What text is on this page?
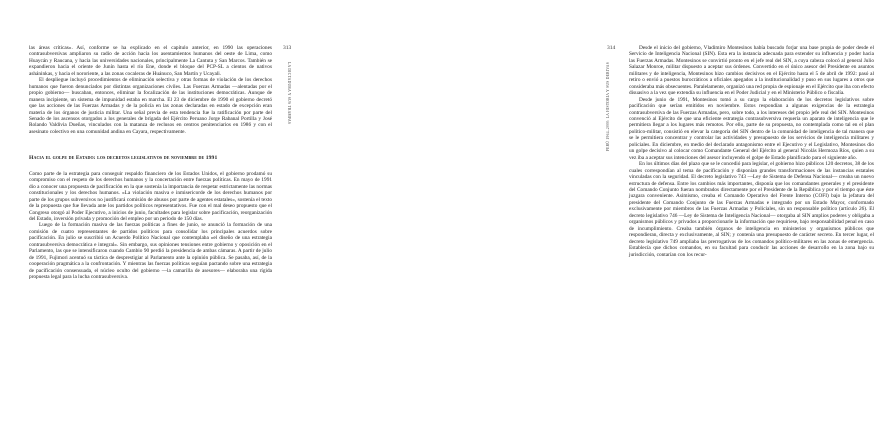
313
LA DICTADURA Y SUS TRAMPAS

las áreas críticas». Así, conforme se ha explicado en el capítulo anterior, en 1990 las operaciones contrasubversivas ampliaron su radio de acción hacia los asentamientos humanos del oeste de Lima, como Huaycán y Raucana, y hacia las universidades nacionales, principalmente La Cantuta y San Marcos. También se expandieron hacia el oriente de Junín hasta el río Ene, donde el bloque del PCP-SL a cientos de nativos asháninkas, y hacia el nororiente, a las zonas cocaleras de Huánuco, San Martín y Ucayali.

El despliegue incluyó procedimientos de eliminación selectiva y otras formas de violación de los derechos humanos que fueron denunciados por distintas organizaciones civiles. Las Fuerzas Armadas —alentadas por el propio gobierno— buscaban, entonces, eliminar la focalización de las instituciones democráticas. Aunque de manera incipiente, un sistema de impunidad estaba en marcha. El 23 de diciembre de 1990 el gobierno decretó que las acciones de las Fuerzas Armadas y de la policía en las zonas declaradas en estado de excepción eran materia de los órganos de justicia militar. Una señal previa de esta tendencia fue la ratificación por parte del Senado de los ascensos otorgados a los generales de brigada del Ejército Peruano Jorge Rabanal Portilla y José Rolando Valdivia Dueñas, vinculados con la matanza de reclusos en centros penitenciarios en 1986 y con el asesinato colectivo en una comunidad andina en Cayara, respectivamente.

Hacia el golpe de Estado: los decretos legislativos de noviembre de 1991

Como parte de la estrategia para conseguir respaldo financiero de los Estados Unidos, el gobierno prodamó su compromiso con el respeto de los derechos humanos y la concertación entre fuerzas políticas. En mayo de 1991 dio a conocer una propuesta de pacificación en la que sostenía la importancia de respetar estrictamente las normas constitucionales y los derechos humanos. «La violación masiva e inmisericorde de los derechos humanos por parte de los grupos subversivos no justificará comisión de abusos por parte de agentes estatales», sostenía el texto de la propuesta que fue llevada ante los partidos políticos representativos. Fue con el mal deseo propuesto que el Congreso otorgó al Poder Ejecutivo, a inicios de junio, facultades para legislar sobre pacificación, reorganización del Estado, inversión privada y promoción del empleo por un periodo de 150 días.

Luego de la formación masiva de las fuerzas políticas a fines de junio, se anunció la formación de una comisión de cuatro representantes de partidos políticos para consolidar los principales acuerdos sobre pacificación. En julio se suscribió un Acuerdo Político Nacional que contemplaba «el diseño de una estrategia contrasubversiva democrática e integral». Sin embargo, sus opiniones tensiones entre gobierno y oposición en el Parlamento, las que se intensificaron cuando Cambio 90 perdió la presidencia de ambas cámaras. A partir de julio de 1991, Fujimori acentuó su táctica de desprestigiar al Parlamento ante la opinión pública. Se pasaba, así, de la cooperación pragmática a la confrontación. Y mientras las fuerzas políticas seguían pactando sobre una estrategia de pacificación consensuada, el núcleo oculto del gobierno —la camarilla de asesores— elaboraba una rígida propuesta legal para la lucha contrasubversiva.

314
PERÚ 1964–2000: LA HISTORIA Y SUS DERIVAS

Desde el inicio del gobierno, Vladimiro Montesinos había buscado forjar una base propia de poder desde el Servicio de Inteligencia Nacional (SIN). Esta era la instancia adecuada para extender su influencia y poder hacia las Fuerzas Armadas. Montesinos se convirtió pronto en el jefe real del SIN, a cuya cabeza colocó al general Julio Salazar Monroe, militar dispuesto a aceptar sus órdenes. Convertido en el único asesor del Presidente en asuntos militares y de inteligencia, Montesinos hizo cambios decisivos en el Ejército hasta el 5 de abril de 1992: pasó al retiro o envió a puestos burocráticos a oficiales apegados a la institucionalidad y puso en sus lugares a otros que consideraba más obsecuentes. Paralelamente, organizó una red propia de espionaje en el Ejército que iba con efecto disuasivo a la vez que extendía su influencia en el Poder Judicial y en el Ministerio Público o fiscalía.

Desde junio de 1991, Montesinos tomó a su cargo la elaboración de los decretos legislativos sobre pacificación que serían emitidos en noviembre. Estos respondían a algunas exigencias de la estrategia contrasubversiva de las Fuerzas Armadas, pero, sobre todo, a los intereses del propio jefe real del SIN. Montesinos convenció al Ejército de que una eficiente estrategia contrasubversiva requería un aparato de inteligencia que le permitiera llegar a los lugares más remotos. Por ello, parte de su propuesta, no contemplada como tal en el plan político-militar, consistió en elevar la categoría del SIN dentro de la comunidad de inteligencia de tal manera que se le permitiera concentrar y controlar las actividades y presupuesto de los servicios de inteligencia militares y policiales. En diciembre, en medio del declarado antagonismo entre el Ejecutivo y el Legislativo, Montesinos dio un golpe decisivo al colocar como Comandante General del Ejército al general Nicolás Hermoza Ríos, quien a su vez iba a aceptar sus intenciones del asesor incluyendo el golpe de Estado planificado para el siguiente año.

En los últimos días del plazo que se le concedió para legislar, el gobierno hizo públicos 120 decretos, 38 de los cuales correspondían al tema de pacificación y disponían grandes transformaciones de las instancias estatales vinculadas con la seguridad. El decreto legislativo 743 —Ley de Sistema de Defensa Nacional— creaba un nuevo estructura de defensa. Entre los cambios más importantes, disponía que los comandantes generales y el presidente del Comando Conjunto fueran nombrados directamente por el Presidente de la República y por el tiempo que éste juzgara conveniente. Asimismo, creaba el Comando Operativo del Frente Interno (COFI) bajo la jefatura del presidente del Comando Conjunto de las Fuerzas Armadas e integrado por un Estado Mayor, conformado exclusivamente por miembros de las Fuerzas Armadas y Policiales, sin un responsable político (artículo 26). El decreto legislativo 746 —Ley de Sistema de Inteligencia Nacional— otorgaba al SIN amplios poderes y obligaba a organismos públicos y privados a proporcionarle la información que requiriese, bajo responsabilidad penal en caso de incumplimiento. Creaba también órganos de inteligencia en ministerios y organismos públicos que respondieran, directa y exclusivamente, al SIN; y contenía una presupuesto de carácter secreto. En tercer lugar, el decreto legislativo 749 ampliaba las prerrogativas de los comandos político-militares en las zonas de emergencia. Establecía que dichos comandos, en su facultad para conducir las acciones de desarrollo en la zona bajo su jurisdicción, contarían con los recur-
